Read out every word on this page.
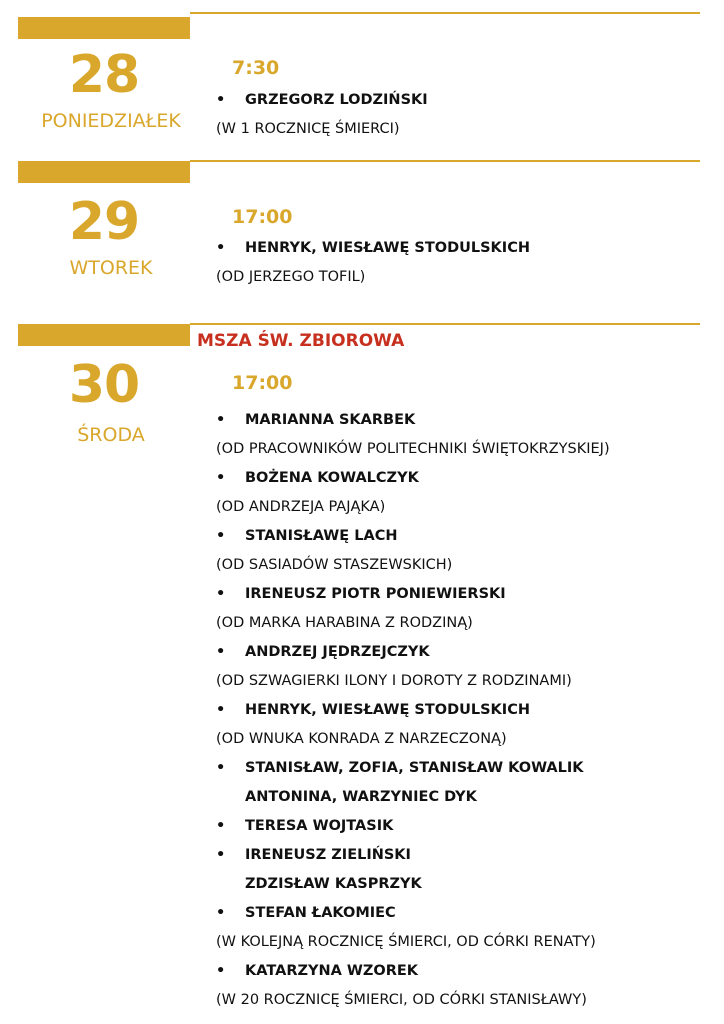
28
PONIEDZIAŁEK
7:30
• GRZEGORZ LODZIŃSKI
(W 1 ROCZNICĘ ŚMIERCI)
29
WTOREK
17:00
• HENRYK, WIESŁAWĘ STODULSKICH
(OD JERZEGO TOFIL)
MSZA ŚW. ZBIOROWA
30
ŚRODA
17:00
• MARIANNA SKARBEK
(OD PRACOWNIKÓW POLITECHNIKI ŚWIĘTOKRZYSKIEJ)
• BOŻENA KOWALCZYK
(OD ANDRZEJA PAJĄKA)
• STANISŁAWĘ LACH
(OD SASIADÓW STASZEWSKICH)
• IRENEUSZ PIOTR PONIEWIERSKI
(OD MARKA HARABINA Z RODZINĄ)
• ANDRZEJ JĘDRZEJCZYK
(OD SZWAGIERKI ILONY I DOROTY Z RODZINAMI)
• HENRYK, WIESŁAWĘ STODULSKICH
(OD WNUKA KONRADA Z NARZECZONĄ)
• STANISŁAW, ZOFIA, STANISŁAW KOWALIK
ANTONINA, WARZYNIEC DYK
• TERESA WOJTASIK
• IRENEUSZ ZIELIŃSKI
ZDZISŁAW KASPRZYK
• STEFAN ŁAKOMIEC
(W KOLEJNĄ ROCZNICĘ ŚMIERCI, OD CÓRKI RENATY)
• KATARZYNA WZOREK
(W 20 ROCZNICĘ ŚMIERCI, OD CÓRKI STANISŁAWY)
